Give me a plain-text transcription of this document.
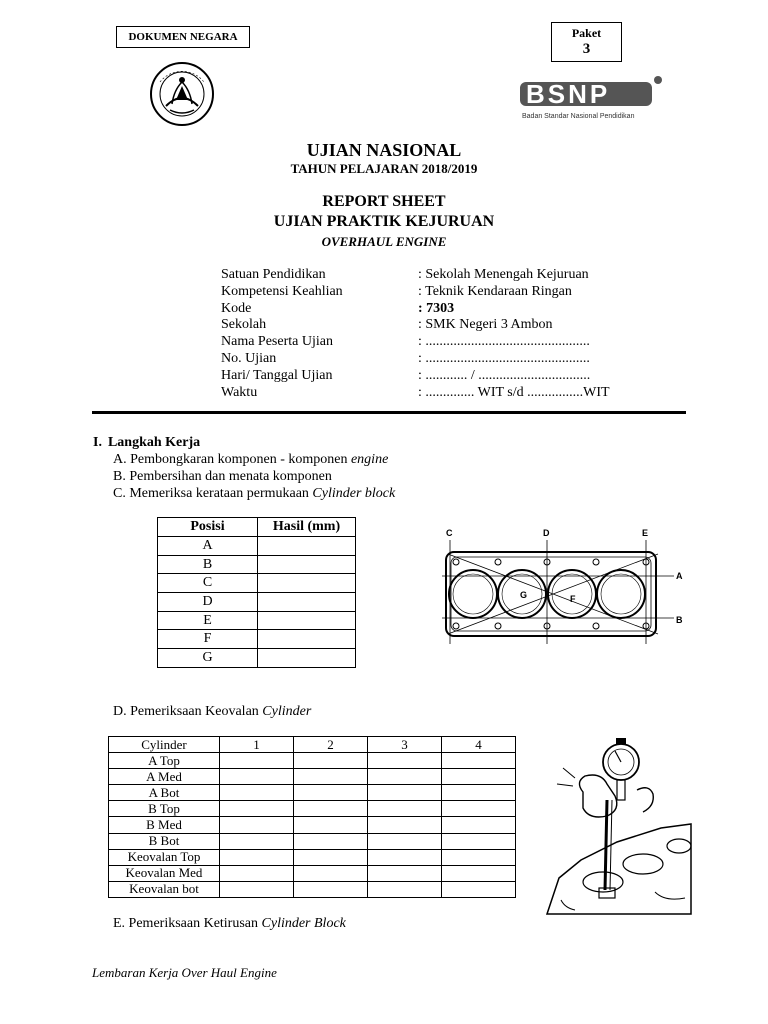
DOKUMEN NEGARA	Paket
3
BSNP
Badan Standar Nasional Pendidikan
UJIAN NASIONAL
TAHUN PELAJARAN 2018/2019
REPORT SHEET
UJIAN PRAKTIK KEJURUAN
OVERHAUL ENGINE
Satuan Pendidikan	: Sekolah Menengah Kejuruan
Kompetensi Keahlian	: Teknik Kendaraan Ringan
Kode	: 7303
Sekolah	: SMK Negeri 3 Ambon
Nama Peserta Ujian	: ...............................................
No. Ujian	: ...............................................
Hari/ Tanggal Ujian	: ............ / ................................
Waktu	: .............. WIT s/d ................WIT
I. Langkah Kerja
A. Pembongkaran komponen - komponen engine
B. Pembersihan dan menata komponen
C. Memeriksa kerataan permukaan Cylinder block
Posisi	Hasil (mm)
A	
B	
C	
D	
E	
F	
G	
C	D	E
A
B
G	F
D. Pemeriksaan Keovalan Cylinder
Cylinder	1	2	3	4
A Top				
A Med				
A Bot				
B Top				
B Med				
B Bot				
Keovalan Top				
Keovalan Med				
Keovalan bot				
E. Pemeriksaan Ketirusan Cylinder Block
Lembaran Kerja Over Haul Engine
